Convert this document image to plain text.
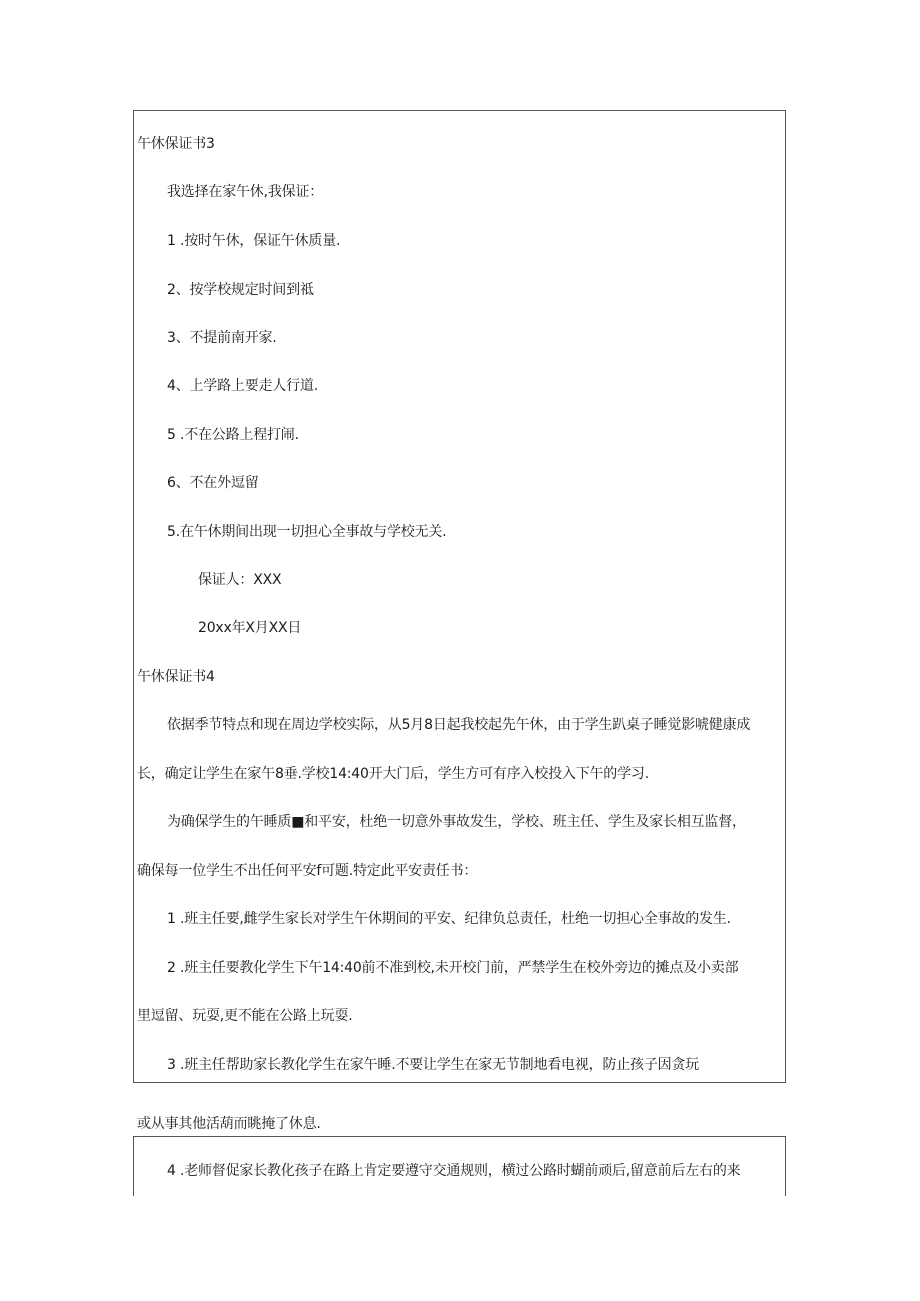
午休保证书3
我选择在家午休,我保证：
1 .按时午休，保证午休质量.
2、按学校规定时间到祗
3、不提前南开家.
4、上学路上要走人行道.
5 .不在公路上程打闹.
6、不在外逗留
5.在午休期间出现一切担心全事故与学校无关.
保证人：XXX
20xx年X月XX日
午休保证书4
依据季节特点和现在周边学校实际，从5月8日起我校起先午休，由于学生趴桌子睡觉影唬健康成
长，确定让学生在家午8垂.学校14:40开大门后，学生方可有序入校投入下午的学习.
为确保学生的午睡质■和平安，杜绝一切意外事故发生，学校、班主任、学生及家长相互监督，
确保每一位学生不出任何平安f可题.特定此平安责任书：
1 .班主任要,雌学生家长对学生午休期间的平安、纪律负总责任，杜绝一切担心全事故的发生.
2 .班主任要教化学生下午14:40前不准到校,未开校门前，严禁学生在校外旁边的摊点及小卖部
里逗留、玩耍,更不能在公路上玩耍.
3 .班主任帮助家长教化学生在家午睡.不要让学生在家无节制地看电视，防止孩子因贪玩
或从事其他活葫而眺掩了休息.
4 .老师督促家长教化孩子在路上肯定要遵守交通规则，横过公路时蝴前顽后,留意前后左右的来
